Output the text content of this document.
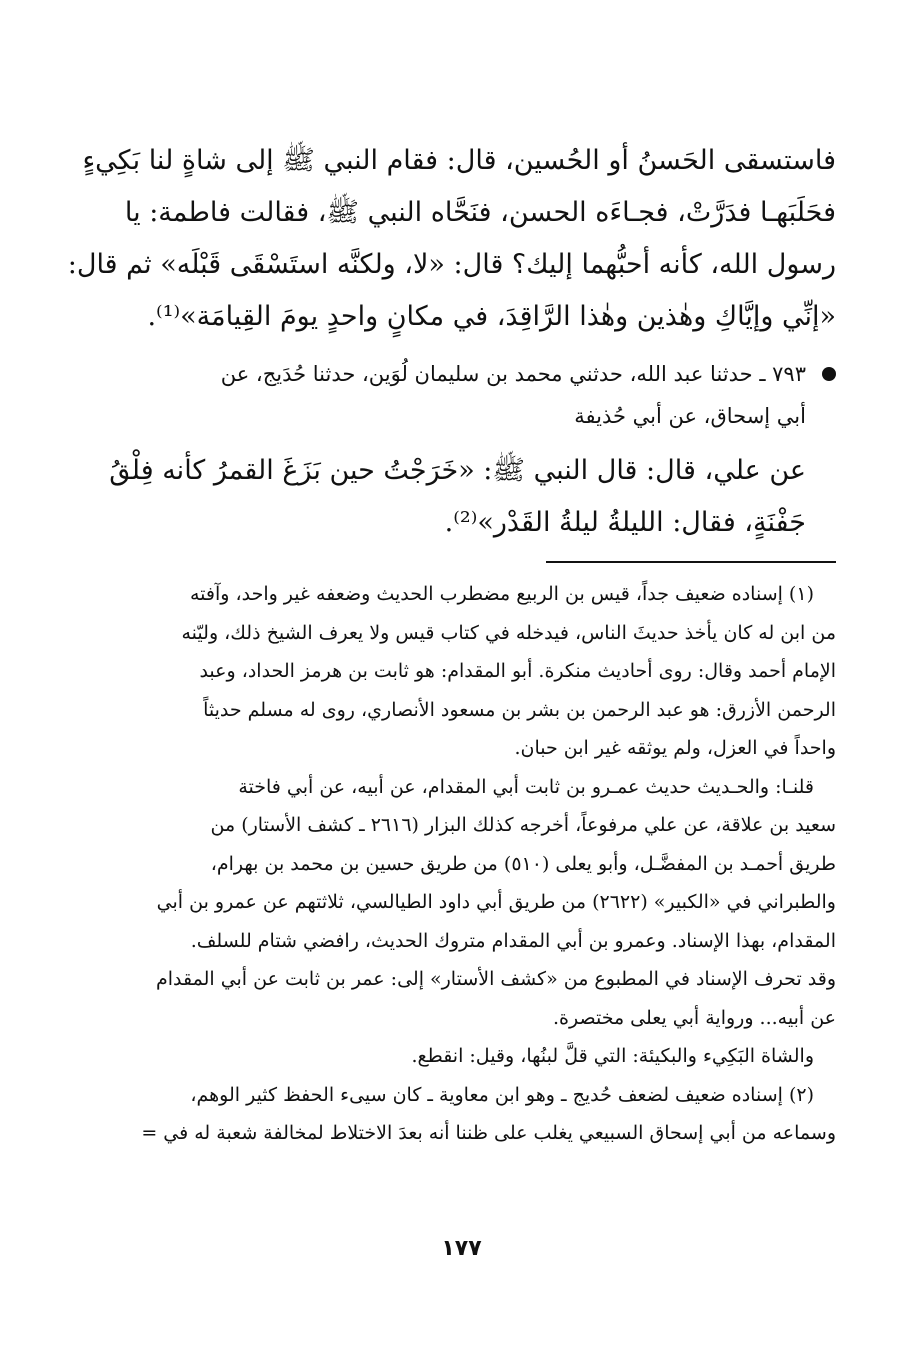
فاستسقى الحَسنُ أو الحُسين، قال: فقام النبي ﷺ إلى شاةٍ لنا بَكِيءٍ

فحَلَبَهـا فدَرَّتْ، فجـاءَه الحسن، فنَحَّاه النبي ﷺ، فقالت فاطمة: يا

رسول الله، كأنه أحبُّهما إليك؟ قال: «لا، ولكنَّه استَسْقَى قَبْلَه» ثم قال:

«إنِّي وإيَّاكِ وهٰذين وهٰذا الرَّاقِدَ، في مكانٍ واحدٍ يومَ القِيامَة»⁽¹⁾.

٧٩٣ ـ حدثنا عبد الله، حدثني محمد بن سليمان لُوَين، حدثنا حُدَيج، عن

أبي إسحاق، عن أبي حُذيفة

عن علي، قال: قال النبي ﷺ: «خَرَجْتُ حين بَزَغَ القمرُ كأنه فِلْقُ

جَفْنَةٍ، فقال: الليلةُ ليلةُ القَدْر»⁽²⁾.

(١) إسناده ضعيف جداً، قيس بن الربيع مضطرب الحديث وضعفه غير واحد، وآفته

من ابن له كان يأخذ حديثَ الناس، فيدخله في كتاب قيس ولا يعرف الشيخ ذلك، وليّنه

الإمام أحمد وقال: روى أحاديث منكرة. أبو المقدام: هو ثابت بن هرمز الحداد، وعبد

الرحمن الأزرق: هو عبد الرحمن بن بشر بن مسعود الأنصاري، روى له مسلم حديثاً

واحداً في العزل، ولم يوثقه غير ابن حبان.

قلنـا: والحـديث حديث عمـرو بن ثابت أبي المقدام، عن أبيه، عن أبي فاختة

سعيد بن علاقة، عن علي مرفوعاً، أخرجه كذلك البزار (٢٦١٦ ـ كشف الأستار) من

طريق أحمـد بن المفضَّـل، وأبو يعلى (٥١٠) من طريق حسين بن محمد بن بهرام،

والطبراني في «الكبير» (٢٦٢٢) من طريق أبي داود الطيالسي، ثلاثتهم عن عمرو بن أبي

المقدام، بهذا الإسناد. وعمرو بن أبي المقدام متروك الحديث، رافضي شتام للسلف.

وقد تحرف الإسناد في المطبوع من «كشف الأستار» إلى: عمر بن ثابت عن أبي المقدام

عن أبيه... ورواية أبي يعلى مختصرة.

والشاة البَكِيء والبكيئة: التي قلَّ لبنُها، وقيل: انقطع.

(٢) إسناده ضعيف لضعف حُديج ـ وهو ابن معاوية ـ كان سيىء الحفظ كثير الوهم،

وسماعه من أبي إسحاق السبيعي يغلب على ظننا أنه بعدَ الاختلاط لمخالفة شعبة له في =

١٧٧
